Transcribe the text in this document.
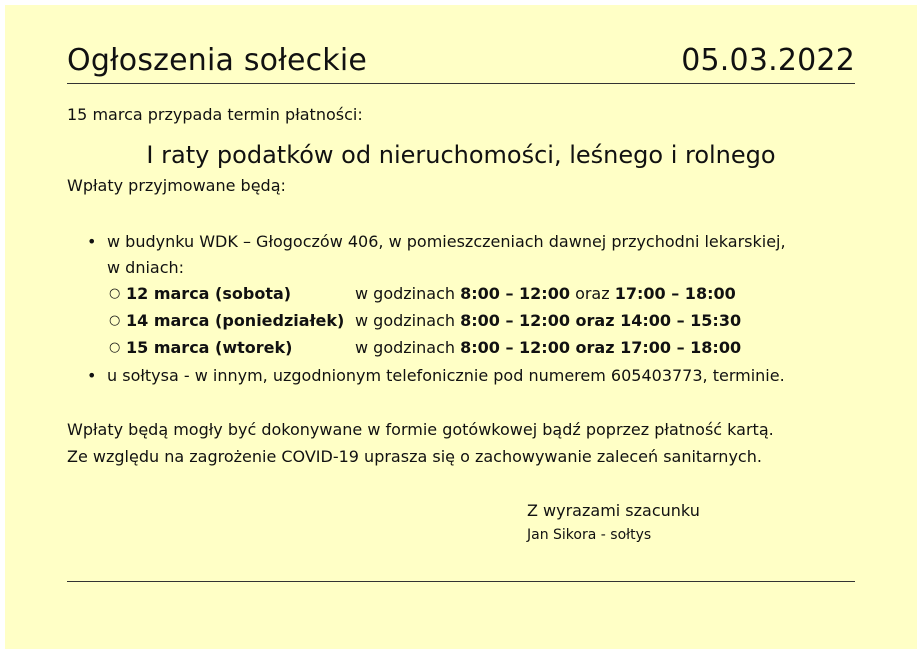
Ogłoszenia sołeckie	05.03.2022
15 marca przypada termin płatności:
I raty podatków od nieruchomości, leśnego i rolnego
Wpłaty przyjmowane będą:
• w budynku WDK – Głogoczów 406, w pomieszczeniach dawnej przychodni lekarskiej,
w dniach:
○ 12 marca (sobota)	w godzinach 8:00 – 12:00 oraz 17:00 – 18:00
○ 14 marca (poniedziałek) w godzinach 8:00 – 12:00 oraz 14:00 – 15:30
○ 15 marca (wtorek)	w godzinach 8:00 – 12:00 oraz 17:00 – 18:00
• u sołtysa - w innym, uzgodnionym telefonicznie pod numerem 605403773, terminie.
Wpłaty będą mogły być dokonywane w formie gotówkowej bądź poprzez płatność kartą.
Ze względu na zagrożenie COVID-19 uprasza się o zachowywanie zaleceń sanitarnych.
Z wyrazami szacunku
Jan Sikora - sołtys
